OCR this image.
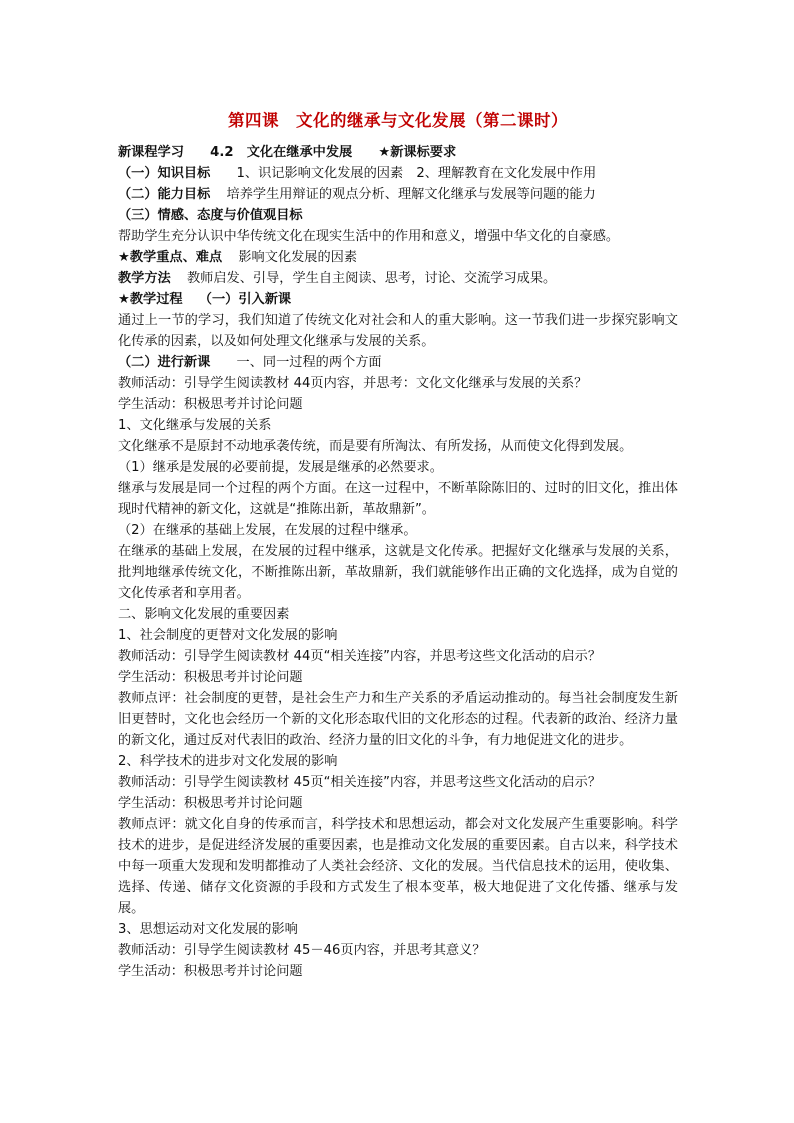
第四课　文化的继承与文化发展（第二课时）
新课程学习 4.2　文化在继承中发展 ★新课标要求
（一）知识目标 1、识记影响文化发展的因素　2、理解教育在文化发展中作用
（二）能力目标 培养学生用辩证的观点分析、理解文化继承与发展等问题的能力
（三）情感、态度与价值观目标
帮助学生充分认识中华传统文化在现实生活中的作用和意义，增强中华文化的自豪感。
★教学重点、难点 影响文化发展的因素
教学方法 教师启发、引导，学生自主阅读、思考，讨论、交流学习成果。
★教学过程 （一）引入新课
通过上一节的学习，我们知道了传统文化对社会和人的重大影响。这一节我们进一步探究影响文化传承的因素，以及如何处理文化继承与发展的关系。
（二）进行新课 一、同一过程的两个方面
教师活动：引导学生阅读教材 44页内容，并思考：文化文化继承与发展的关系？
学生活动：积极思考并讨论问题
1、文化继承与发展的关系
文化继承不是原封不动地承袭传统，而是要有所淘汰、有所发扬，从而使文化得到发展。
（1）继承是发展的必要前提，发展是继承的必然要求。
继承与发展是同一个过程的两个方面。在这一过程中，不断革除陈旧的、过时的旧文化，推出体现时代精神的新文化，这就是“推陈出新，革故鼎新”。
（2）在继承的基础上发展，在发展的过程中继承。
在继承的基础上发展，在发展的过程中继承，这就是文化传承。把握好文化继承与发展的关系，批判地继承传统文化，不断推陈出新，革故鼎新，我们就能够作出正确的文化选择，成为自觉的文化传承者和享用者。
二、影响文化发展的重要因素
1、社会制度的更替对文化发展的影响
教师活动：引导学生阅读教材 44页“相关连接”内容，并思考这些文化活动的启示？
学生活动：积极思考并讨论问题
教师点评：社会制度的更替，是社会生产力和生产关系的矛盾运动推动的。每当社会制度发生新旧更替时，文化也会经历一个新的文化形态取代旧的文化形态的过程。代表新的政治、经济力量的新文化，通过反对代表旧的政治、经济力量的旧文化的斗争，有力地促进文化的进步。
2、科学技术的进步对文化发展的影响
教师活动：引导学生阅读教材 45页“相关连接”内容，并思考这些文化活动的启示？
学生活动：积极思考并讨论问题
教师点评：就文化自身的传承而言，科学技术和思想运动，都会对文化发展产生重要影响。科学技术的进步，是促进经济发展的重要因素，也是推动文化发展的重要因素。自古以来，科学技术中每一项重大发现和发明都推动了人类社会经济、文化的发展。当代信息技术的运用，使收集、选择、传递、储存文化资源的手段和方式发生了根本变革，极大地促进了文化传播、继承与发展。
3、思想运动对文化发展的影响
教师活动：引导学生阅读教材 45－46页内容，并思考其意义？
学生活动：积极思考并讨论问题
